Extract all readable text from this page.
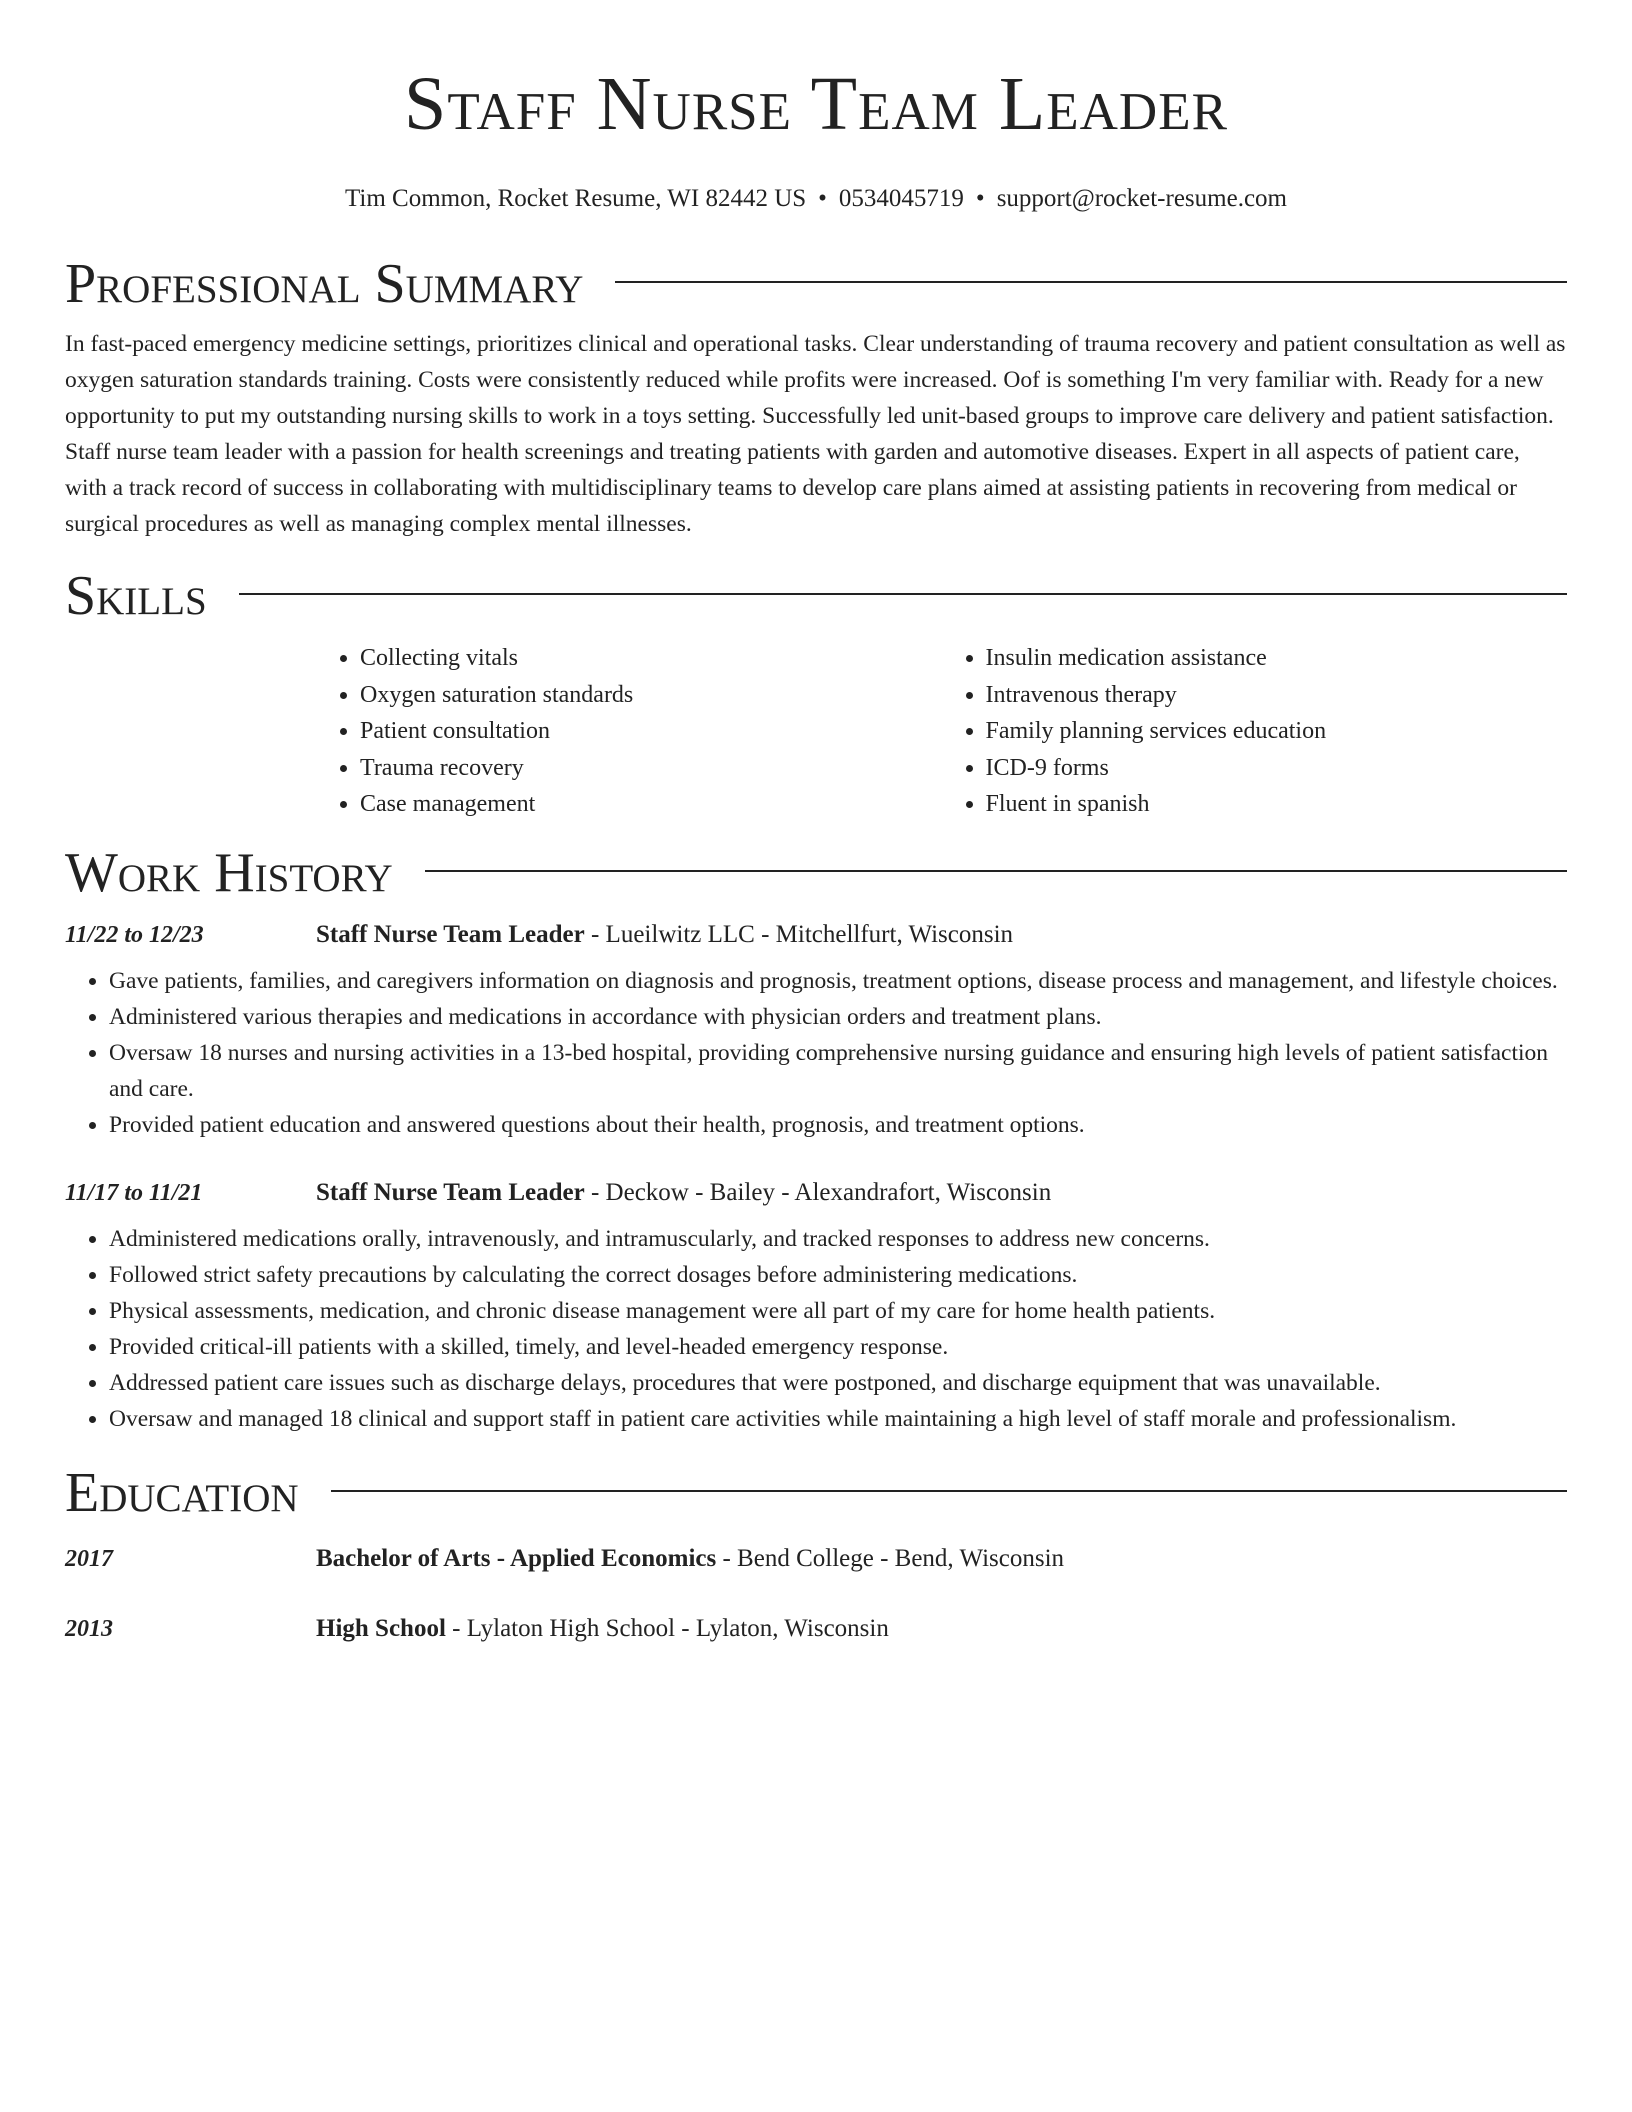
Staff Nurse Team Leader
Tim Common, Rocket Resume, WI 82442 US • 0534045719 • support@rocket-resume.com
Professional Summary

In fast-paced emergency medicine settings, prioritizes clinical and operational tasks. Clear understanding of trauma recovery and patient consultation as well as oxygen saturation standards training. Costs were consistently reduced while profits were increased. Oof is something I'm very familiar with. Ready for a new opportunity to put my outstanding nursing skills to work in a toys setting. Successfully led unit-based groups to improve care delivery and patient satisfaction. Staff nurse team leader with a passion for health screenings and treating patients with garden and automotive diseases. Expert in all aspects of patient care, with a track record of success in collaborating with multidisciplinary teams to develop care plans aimed at assisting patients in recovering from medical or surgical procedures as well as managing complex mental illnesses.

Skills
• Collecting vitals
• Oxygen saturation standards
• Patient consultation
• Trauma recovery
• Case management
• Insulin medication assistance
• Intravenous therapy
• Family planning services education
• ICD-9 forms
• Fluent in spanish
Work History
11/22 to 12/23	Staff Nurse Team Leader - Lueilwitz LLC - Mitchellfurt, Wisconsin
• Gave patients, families, and caregivers information on diagnosis and prognosis, treatment options, disease process and management, and lifestyle choices.
• Administered various therapies and medications in accordance with physician orders and treatment plans.
• Oversaw 18 nurses and nursing activities in a 13-bed hospital, providing comprehensive nursing guidance and ensuring high levels of patient satisfaction and care.
• Provided patient education and answered questions about their health, prognosis, and treatment options.
11/17 to 11/21	Staff Nurse Team Leader - Deckow - Bailey - Alexandrafort, Wisconsin
• Administered medications orally, intravenously, and intramuscularly, and tracked responses to address new concerns.
• Followed strict safety precautions by calculating the correct dosages before administering medications.
• Physical assessments, medication, and chronic disease management were all part of my care for home health patients.
• Provided critical-ill patients with a skilled, timely, and level-headed emergency response.
• Addressed patient care issues such as discharge delays, procedures that were postponed, and discharge equipment that was unavailable.
• Oversaw and managed 18 clinical and support staff in patient care activities while maintaining a high level of staff morale and professionalism.
Education
2017	Bachelor of Arts - Applied Economics - Bend College - Bend, Wisconsin
2013	High School - Lylaton High School - Lylaton, Wisconsin
